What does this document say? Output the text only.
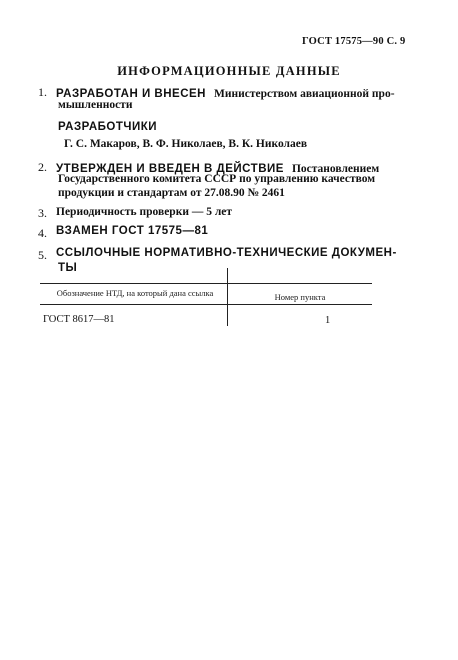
ГОСТ 17575—90 С. 9
ИНФОРМАЦИОННЫЕ ДАННЫЕ
1. РАЗРАБОТАН И ВНЕСЕН Министерством авиационной про-
мышленности
РАЗРАБОТЧИКИ
Г. С. Макаров, В. Ф. Николаев, В. К. Николаев
2. УТВЕРЖДЕН И ВВЕДЕН В ДЕЙСТВИЕ Постановлением
Государственного комитета СССР по управлению качеством
продукции и стандартам от 27.08.90 № 2461
3. Периодичность проверки — 5 лет
4. ВЗАМЕН ГОСТ 17575—81
5. ССЫЛОЧНЫЕ НОРМАТИВНО-ТЕХНИЧЕСКИЕ ДОКУМЕН-
ТЫ
Обозначение НТД, на который дана ссылка	Номер пункта
ГОСТ 8617—81	1
